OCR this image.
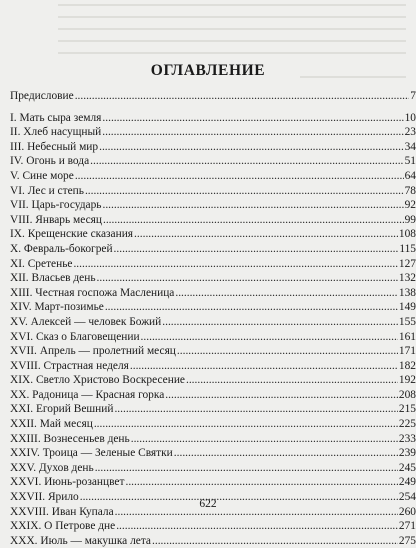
ОГЛАВЛЕНИЕ
Предисловие .....	7
I. Мать сыра земля .....	10
II. Хлеб насущный .....	23
III. Небесный мир .....	34
IV. Огонь и вода .....	51
V. Сине море .....	64
VI. Лес и степь .....	78
VII. Царь-государь .....	92
VIII. Январь месяц .....	99
IX. Крещенские сказания .....	108
X. Февраль-бокогрей .....	115
XI. Сретенье .....	127
XII. Власьев день .....	132
XIII. Честная госпожа Масленица .....	138
XIV. Март-позимье .....	149
XV. Алексей — человек Божий .....	155
XVI. Сказ о Благовещении .....	161
XVII. Апрель — пролетний месяц .....	171
XVIII. Страстная неделя .....	182
XIX. Светло Христово Воскресение .....	192
XX. Радоница — Красная горка .....	208
XXI. Егорий Вешний .....	215
XXII. Май месяц .....	225
XXIII. Вознесеньев день .....	233
XXIV. Троица — Зеленые Святки .....	239
XXV. Духов день .....	245
XXVI. Июнь-розанцвет .....	249
XXVII. Ярило .....	254
XXVIII. Иван Купала .....	260
XXIX. О Петрове дне .....	271
XXX. Июль — макушка лета .....	275
622
